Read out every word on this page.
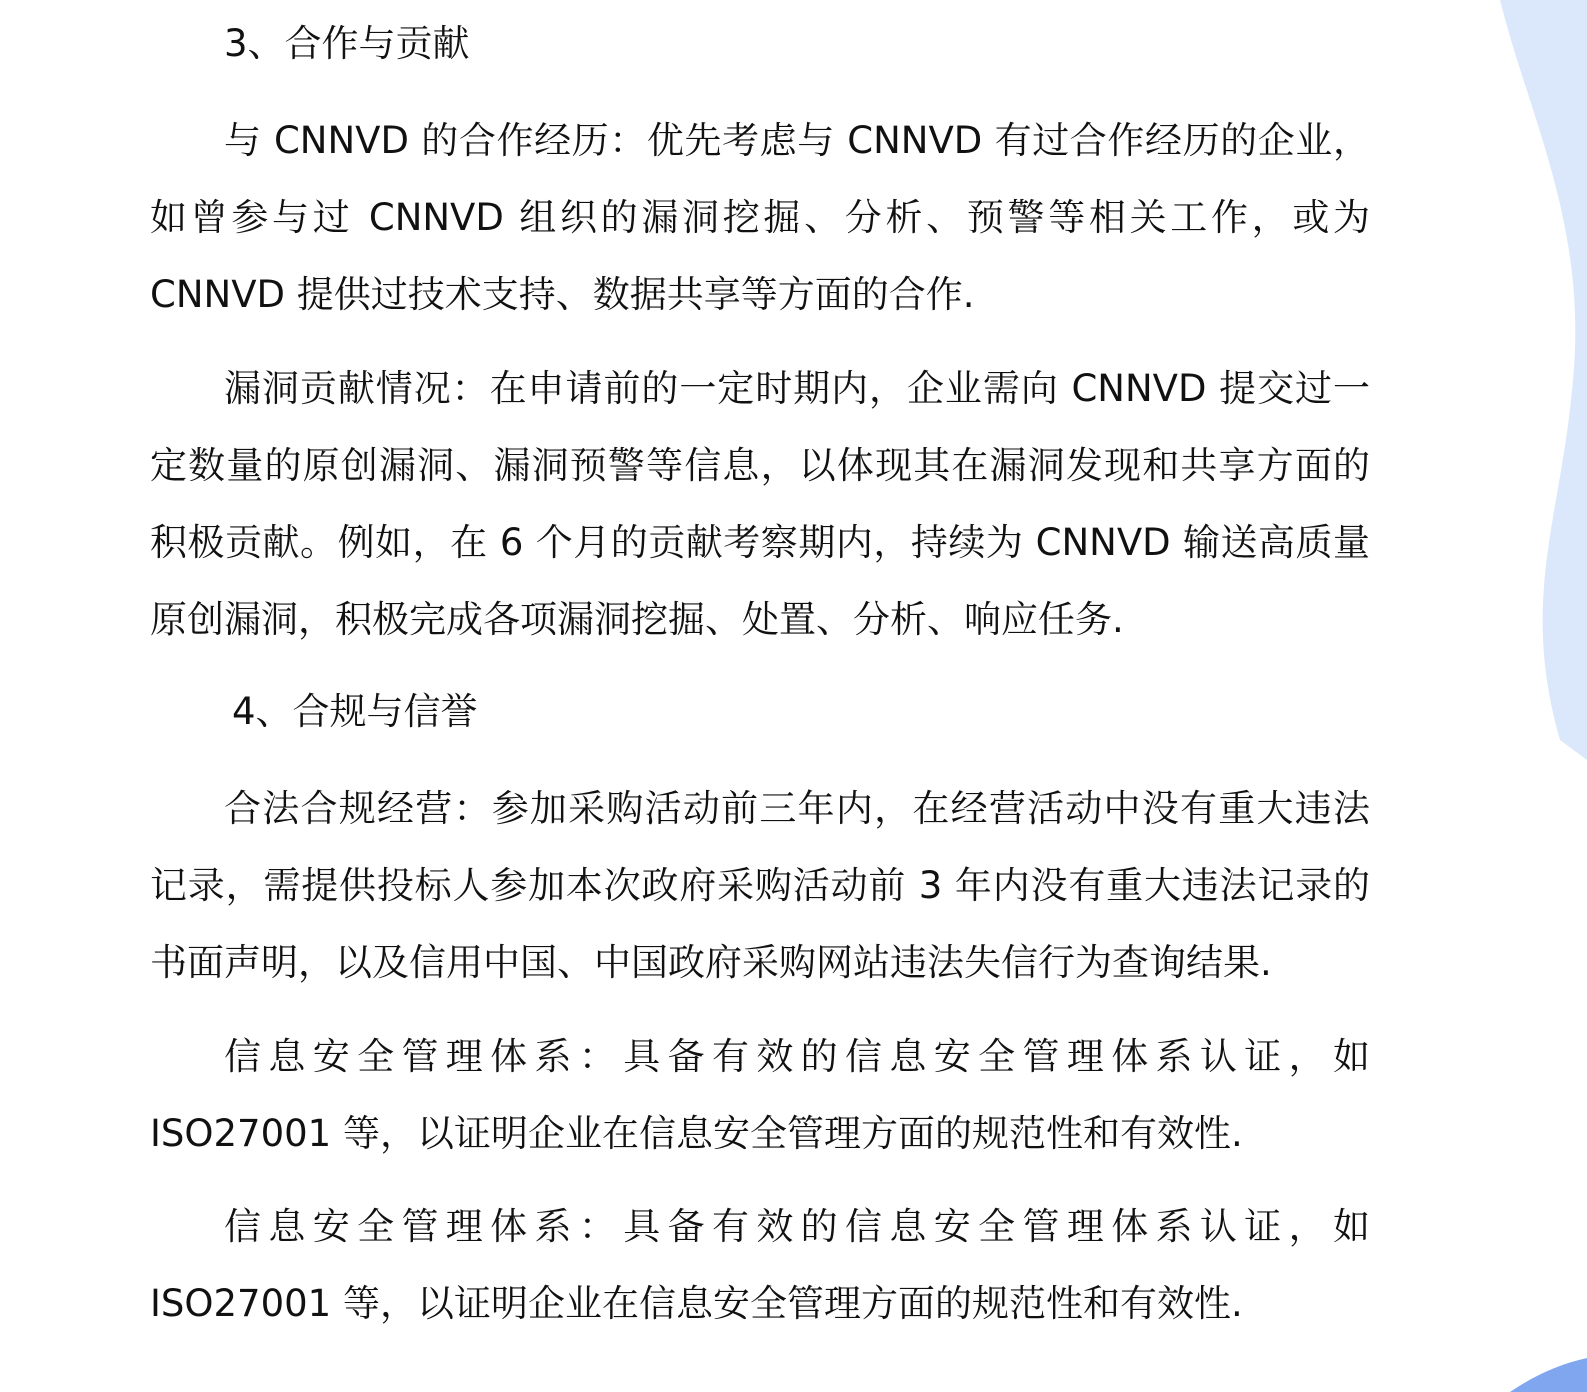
3、合作与贡献

与 CNNVD 的合作经历：优先考虑与 CNNVD 有过合作经历的企业，如曾参与过 CNNVD 组织的漏洞挖掘、分析、预警等相关工作，或为 CNNVD 提供过技术支持、数据共享等方面的合作.

漏洞贡献情况：在申请前的一定时期内，企业需向 CNNVD 提交过一定数量的原创漏洞、漏洞预警等信息，以体现其在漏洞发现和共享方面的积极贡献。例如，在 6 个月的贡献考察期内，持续为 CNNVD 输送高质量原创漏洞，积极完成各项漏洞挖掘、处置、分析、响应任务.

4、合规与信誉

合法合规经营：参加采购活动前三年内，在经营活动中没有重大违法记录，需提供投标人参加本次政府采购活动前 3 年内没有重大违法记录的书面声明，以及信用中国、中国政府采购网站违法失信行为查询结果.

信息安全管理体系：具备有效的信息安全管理体系认证，如 ISO27001 等，以证明企业在信息安全管理方面的规范性和有效性.

信息安全管理体系：具备有效的信息安全管理体系认证，如 ISO27001 等，以证明企业在信息安全管理方面的规范性和有效性.
